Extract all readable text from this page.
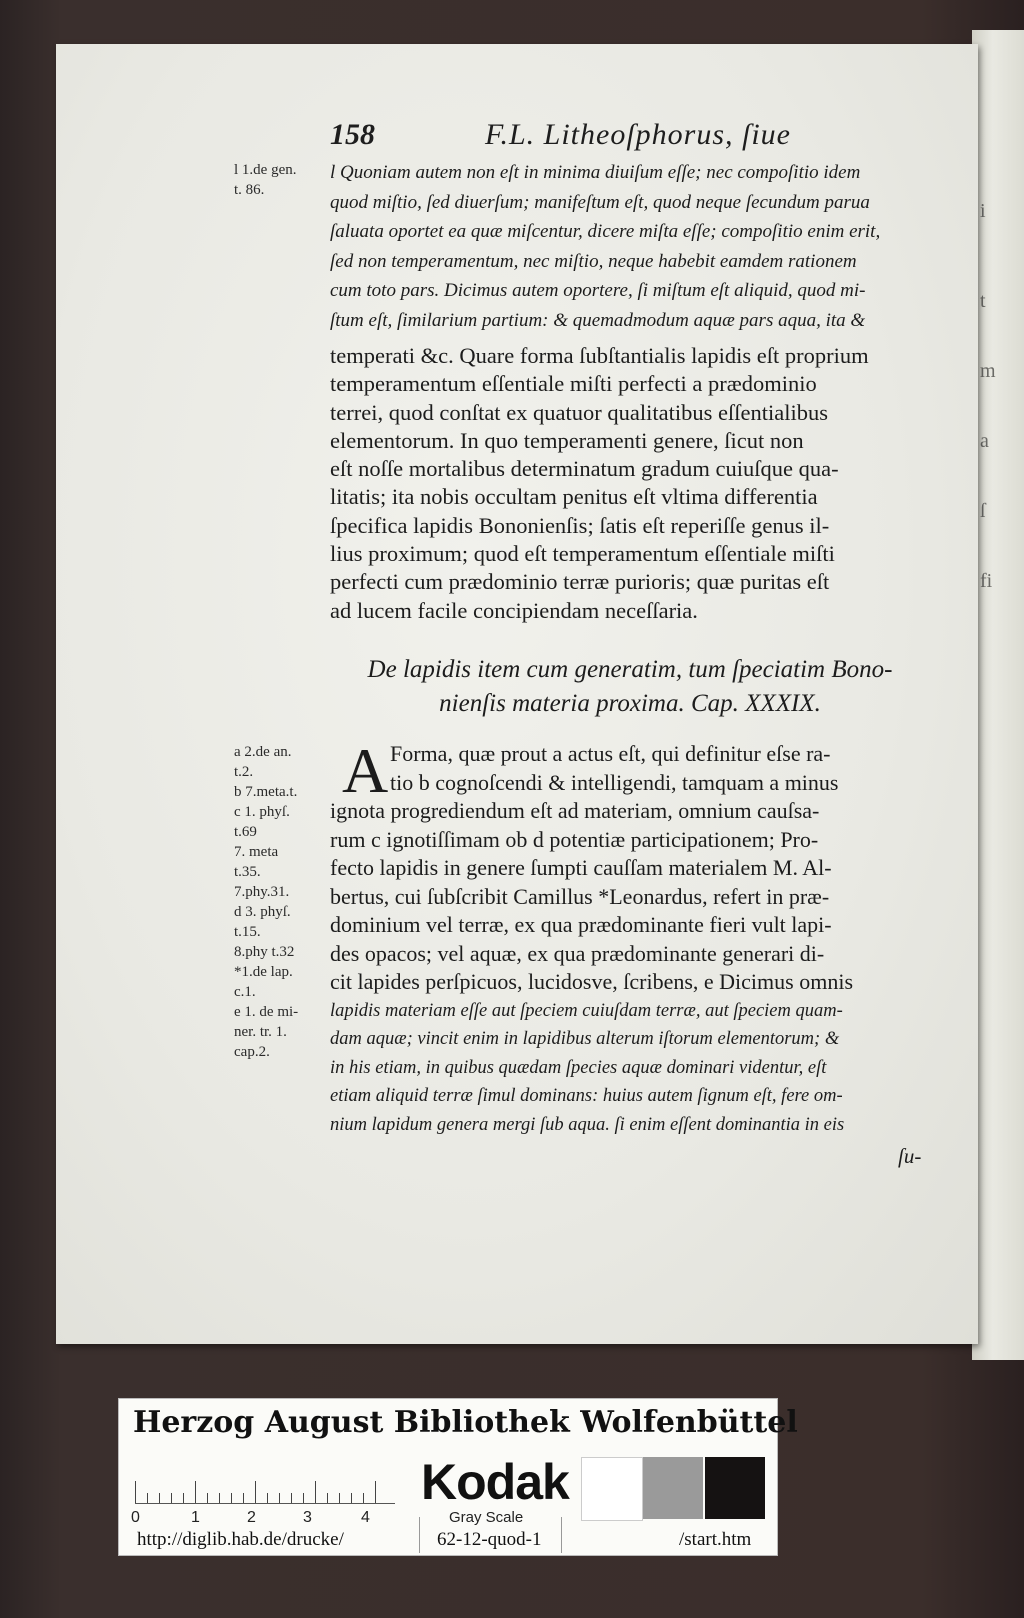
i
t
m
a
ſ
fi
158	F.L. Litheoſphorus, ſiue
l 1.de gen.
t. 86.
a 2.de an.
t.2.
b 7.meta.t.
c 1. phyſ.
t.69
7. meta
t.35.
7.phy.31.
d 3. phyſ.
t.15.
8.phy t.32
*1.de lap.
c.1.
e 1. de mi-
ner. tr. 1.
cap.2.
l Quoniam autem non eſt in minima diuiſum eſſe; nec compoſitio idem
quod miſtio, ſed diuerſum; manifeſtum eſt, quod neque ſecundum parua
ſaluata oportet ea quæ miſcentur, dicere miſta eſſe; compoſitio enim erit,
ſed non temperamentum, nec miſtio, neque habebit eamdem rationem
cum toto pars. Dicimus autem oportere, ſi miſtum eſt aliquid, quod mi-
ſtum eſt, ſimilarium partium: & quemadmodum aquæ pars aqua, ita &
temperati &c. Quare forma ſubſtantialis lapidis eſt proprium
temperamentum eſſentiale miſti perfecti a prædominio
terrei, quod conſtat ex quatuor qualitatibus eſſentialibus
elementorum. In quo temperamenti genere, ſicut non
eſt noſſe mortalibus determinatum gradum cuiuſque qua-
litatis; ita nobis occultam penitus eſt vltima differentia
ſpecifica lapidis Bononienſis; ſatis eſt reperiſſe genus il-
lius proximum; quod eſt temperamentum eſſentiale miſti
perfecti cum prædominio terræ purioris; quæ puritas eſt
ad lucem facile concipiendam neceſſaria.
De lapidis item cum generatim, tum ſpeciatim Bono-
nienſis materia proxima. Cap. XXXIX.
A Forma, quæ prout a actus eſt, qui definitur eſse ra-
tio b cognoſcendi & intelligendi, tamquam a minus
ignota progrediendum eſt ad materiam, omnium cauſsa-
rum c ignotiſſimam ob d potentiæ participationem; Pro-
fecto lapidis in genere ſumpti cauſſam materialem M. Al-
bertus, cui ſubſcribit Camillus *Leonardus, refert in præ-
dominium vel terræ, ex qua prædominante fieri vult lapi-
des opacos; vel aquæ, ex qua prædominante generari di-
cit lapides perſpicuos, lucidosve, ſcribens, e Dicimus omnis
lapidis materiam eſſe aut ſpeciem cuiuſdam terræ, aut ſpeciem quam-
dam aquæ; vincit enim in lapidibus alterum iſtorum elementorum; &
in his etiam, in quibus quædam ſpecies aquæ dominari videntur, eſt
etiam aliquid terræ ſimul dominans: huius autem ſignum eſt, fere om-
nium lapidum genera mergi ſub aqua. ſi enim eſſent dominantia in eis
ſu-
Herzog August Bibliothek Wolfenbüttel
0	1	2	3	4
Kodak
Gray Scale
http://diglib.hab.de/drucke/	62-12-quod-1	/start.htm
